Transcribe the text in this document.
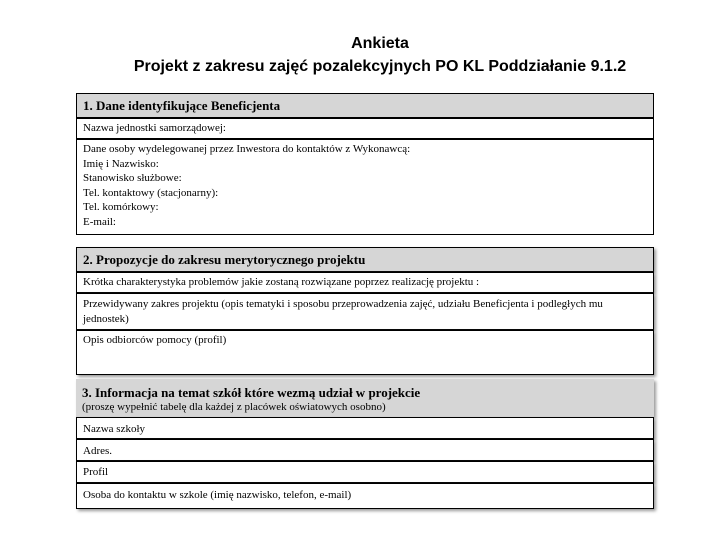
Ankieta
Projekt z zakresu zajęć pozalekcyjnych PO KL Poddziałanie 9.1.2
1. Dane identyfikujące Beneficjenta
Nazwa jednostki samorządowej:
Dane osoby wydelegowanej przez Inwestora do kontaktów z Wykonawcą:
Imię i Nazwisko:
Stanowisko służbowe:
Tel. kontaktowy (stacjonarny):
Tel. komórkowy:
E-mail:
2. Propozycje do zakresu merytorycznego projektu
Krótka charakterystyka problemów jakie zostaną rozwiązane poprzez realizację projektu :
Przewidywany zakres projektu (opis tematyki i sposobu przeprowadzenia zajęć, udziału Beneficjenta i podległych mu jednostek)
Opis odbiorców pomocy (profil)
3. Informacja na temat szkół które wezmą udział w projekcie
(proszę wypełnić tabelę dla każdej z placówek oświatowych osobno)
Nazwa szkoły
Adres.
Profil
Osoba do kontaktu w szkole (imię nazwisko, telefon, e-mail)
